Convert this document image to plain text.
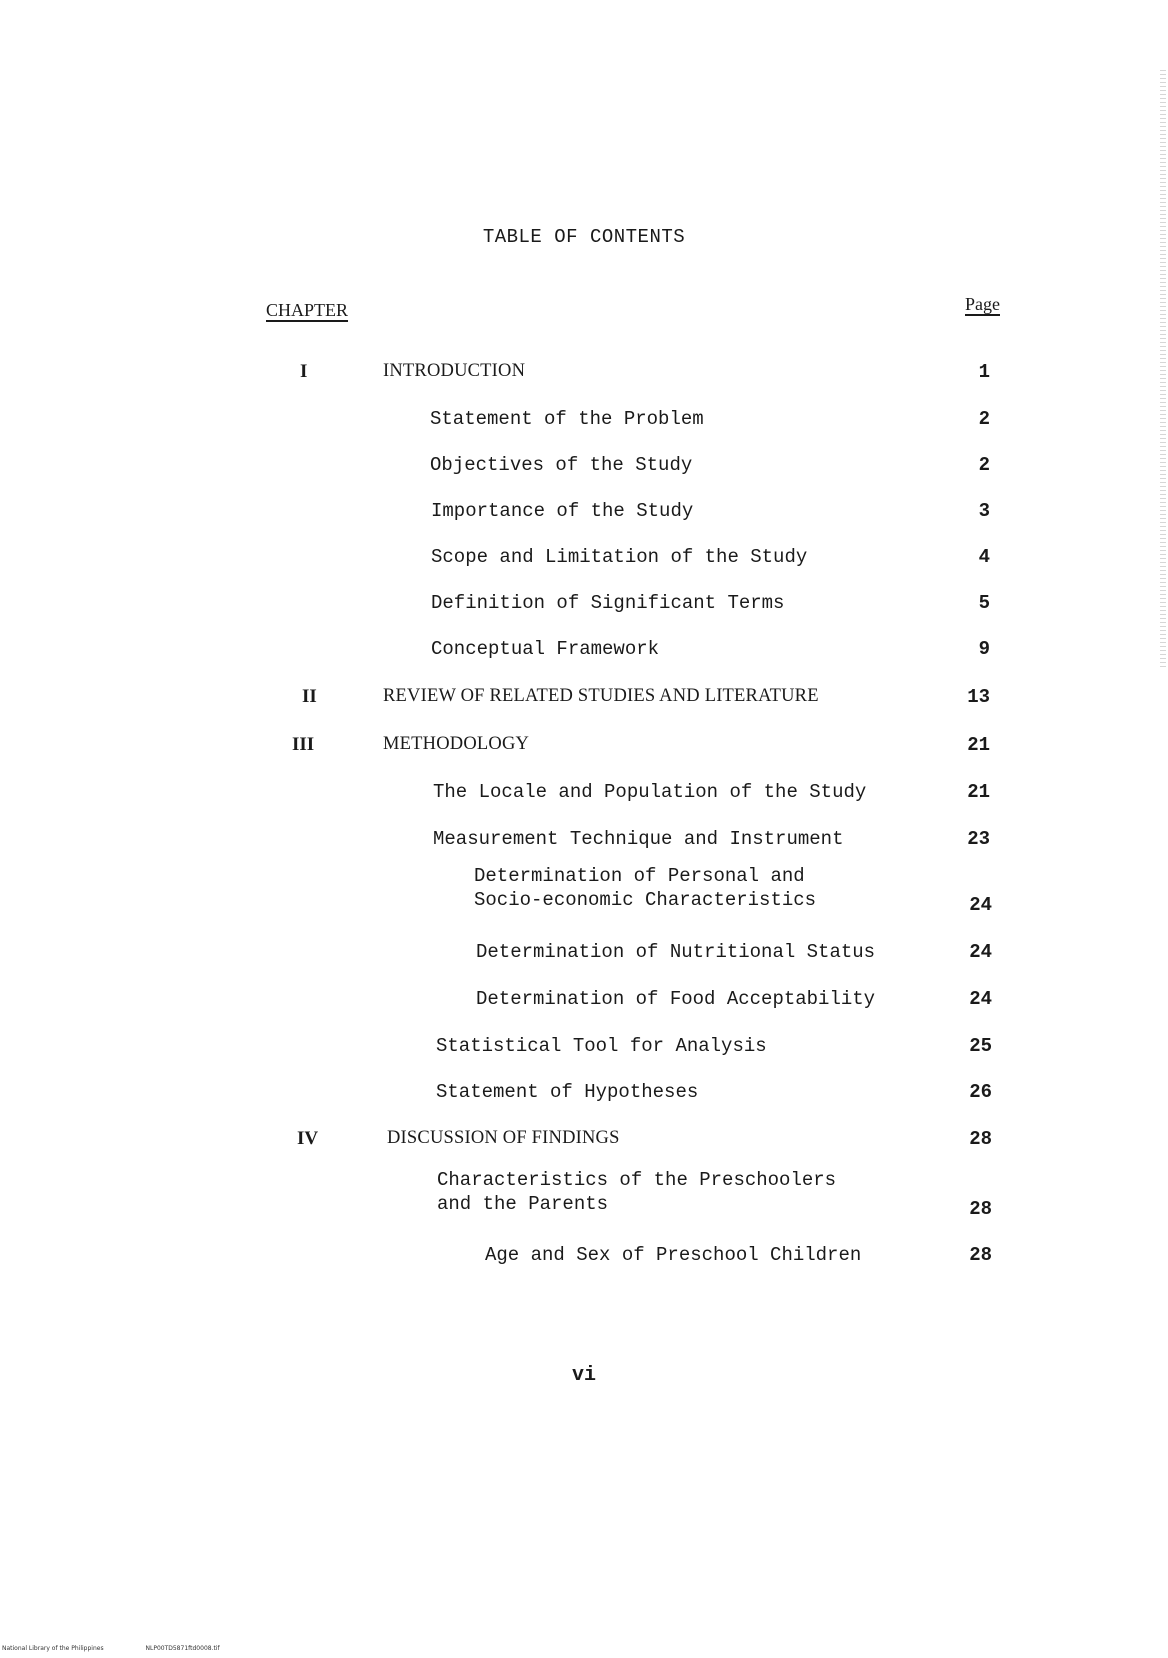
TABLE OF CONTENTS
CHAPTER	Page
I	INTRODUCTION	1
Statement of the Problem	2
Objectives of the Study	2
Importance of the Study	3
Scope and Limitation of the Study	4
Definition of Significant Terms	5
Conceptual Framework	9
II	REVIEW OF RELATED STUDIES AND LITERATURE	13
III	METHODOLOGY	21
The Locale and Population of the Study	21
Measurement Technique and Instrument	23
Determination of Personal and
Socio-economic Characteristics	24
Determination of Nutritional Status	24
Determination of Food Acceptability	24
Statistical Tool for Analysis	25
Statement of Hypotheses	26
IV	DISCUSSION OF FINDINGS	28
Characteristics of the Preschoolers
and the Parents	28
Age and Sex of Preschool Children	28
vi
National Library of the Philippines	NLP00TD5871ftd0008.tif
